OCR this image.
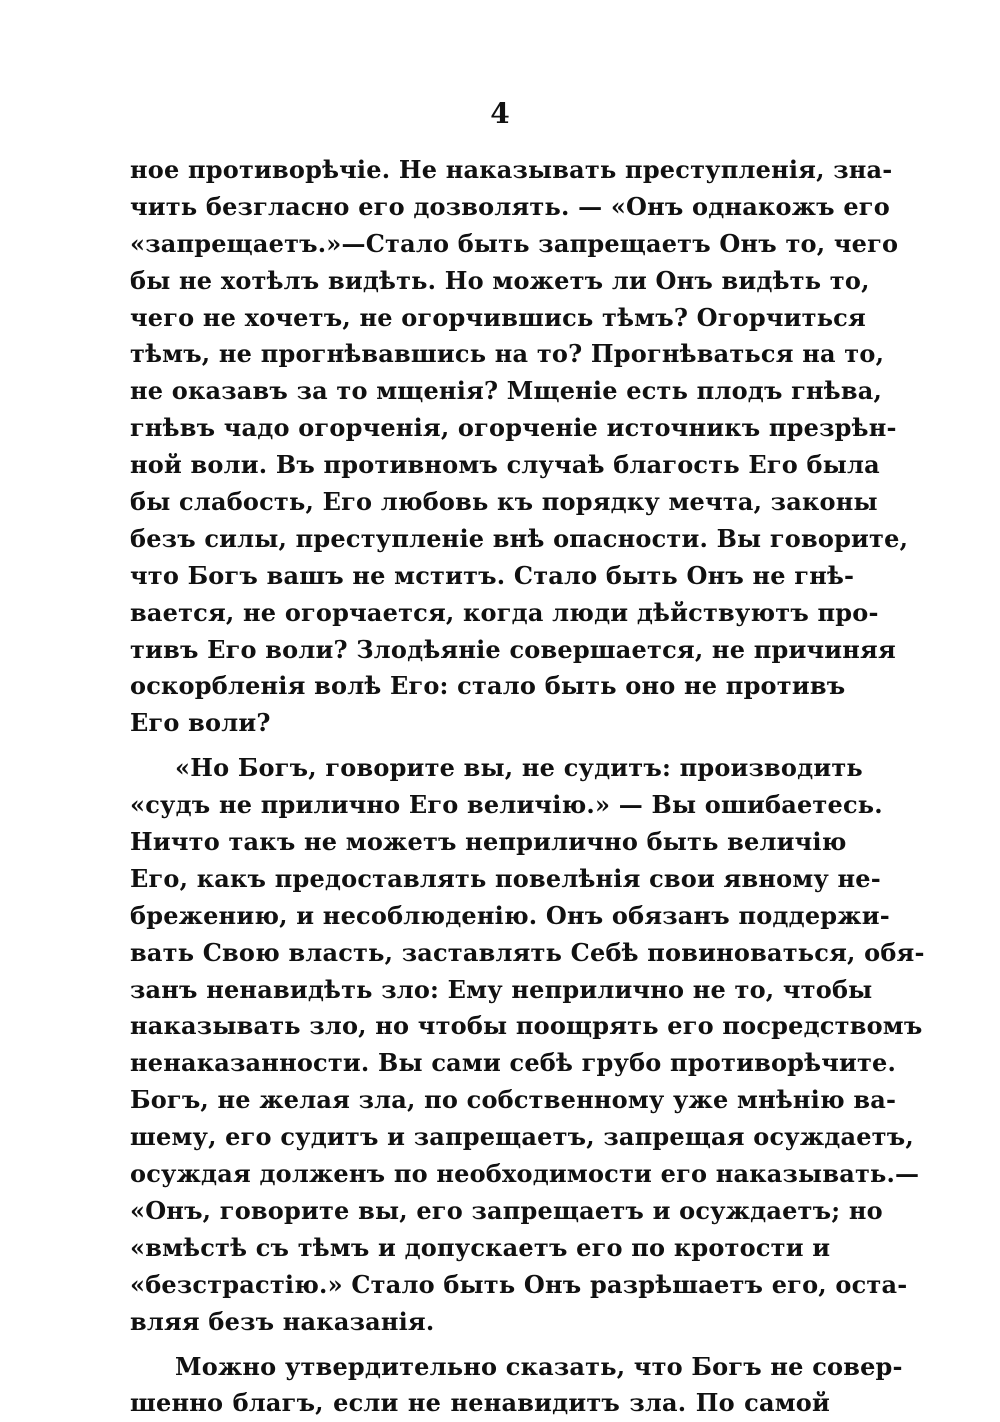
4
ное противорѣчіе. Не наказывать преступленія, зна-
чить безгласно его дозволять. — «Онъ однакожъ его
«запрещаетъ.»—Стало быть запрещаетъ Онъ то, чего
бы не хотѣлъ видѣть. Но можетъ ли Онъ видѣть то,
чего не хочетъ, не огорчившись тѣмъ? Огорчиться
тѣмъ, не прогнѣвавшись на то? Прогнѣваться на то,
не оказавъ за то мщенія? Мщеніе есть плодъ гнѣва,
гнѣвъ чадо огорченія, огорченіе источникъ презрѣн-
ной воли. Въ противномъ случаѣ благость Его была
бы слабость, Его любовь къ порядку мечта, законы
безъ силы, преступленіе внѣ опасности. Вы говорите,
что Богъ вашъ не мститъ. Стало быть Онъ не гнѣ-
вается, не огорчается, когда люди дѣйствуютъ про-
тивъ Его воли? Злодѣяніе совершается, не причиняя
оскорбленія волѣ Его: стало быть оно не противъ
Его воли?
«Но Богъ, говорите вы, не судитъ: производить
«судъ не прилично Его величію.» — Вы ошибаетесь.
Ничто такъ не можетъ неприлично быть величію
Его, какъ предоставлять повелѣнія свои явному не-
брежению, и несоблюденію. Онъ обязанъ поддержи-
вать Свою власть, заставлять Себѣ повиноваться, обя-
занъ ненавидѣть зло: Ему неприлично не то, чтобы
наказывать зло, но чтобы поощрять его посредствомъ
ненаказанности. Вы сами себѣ грубо противорѣчите.
Богъ, не желая зла, по собственному уже мнѣнію ва-
шему, его судитъ и запрещаетъ, запрещая осуждаетъ,
осуждая долженъ по необходимости его наказывать.—
«Онъ, говорите вы, его запрещаетъ и осуждаетъ; но
«вмѣстѣ съ тѣмъ и допускаетъ его по кротости и
«безстрастію.» Стало быть Онъ разрѣшаетъ его, оста-
вляя безъ наказанія.
Можно утвердительно сказать, что Богъ не совер-
шенно благъ, если не ненавидитъ зла. По самой
